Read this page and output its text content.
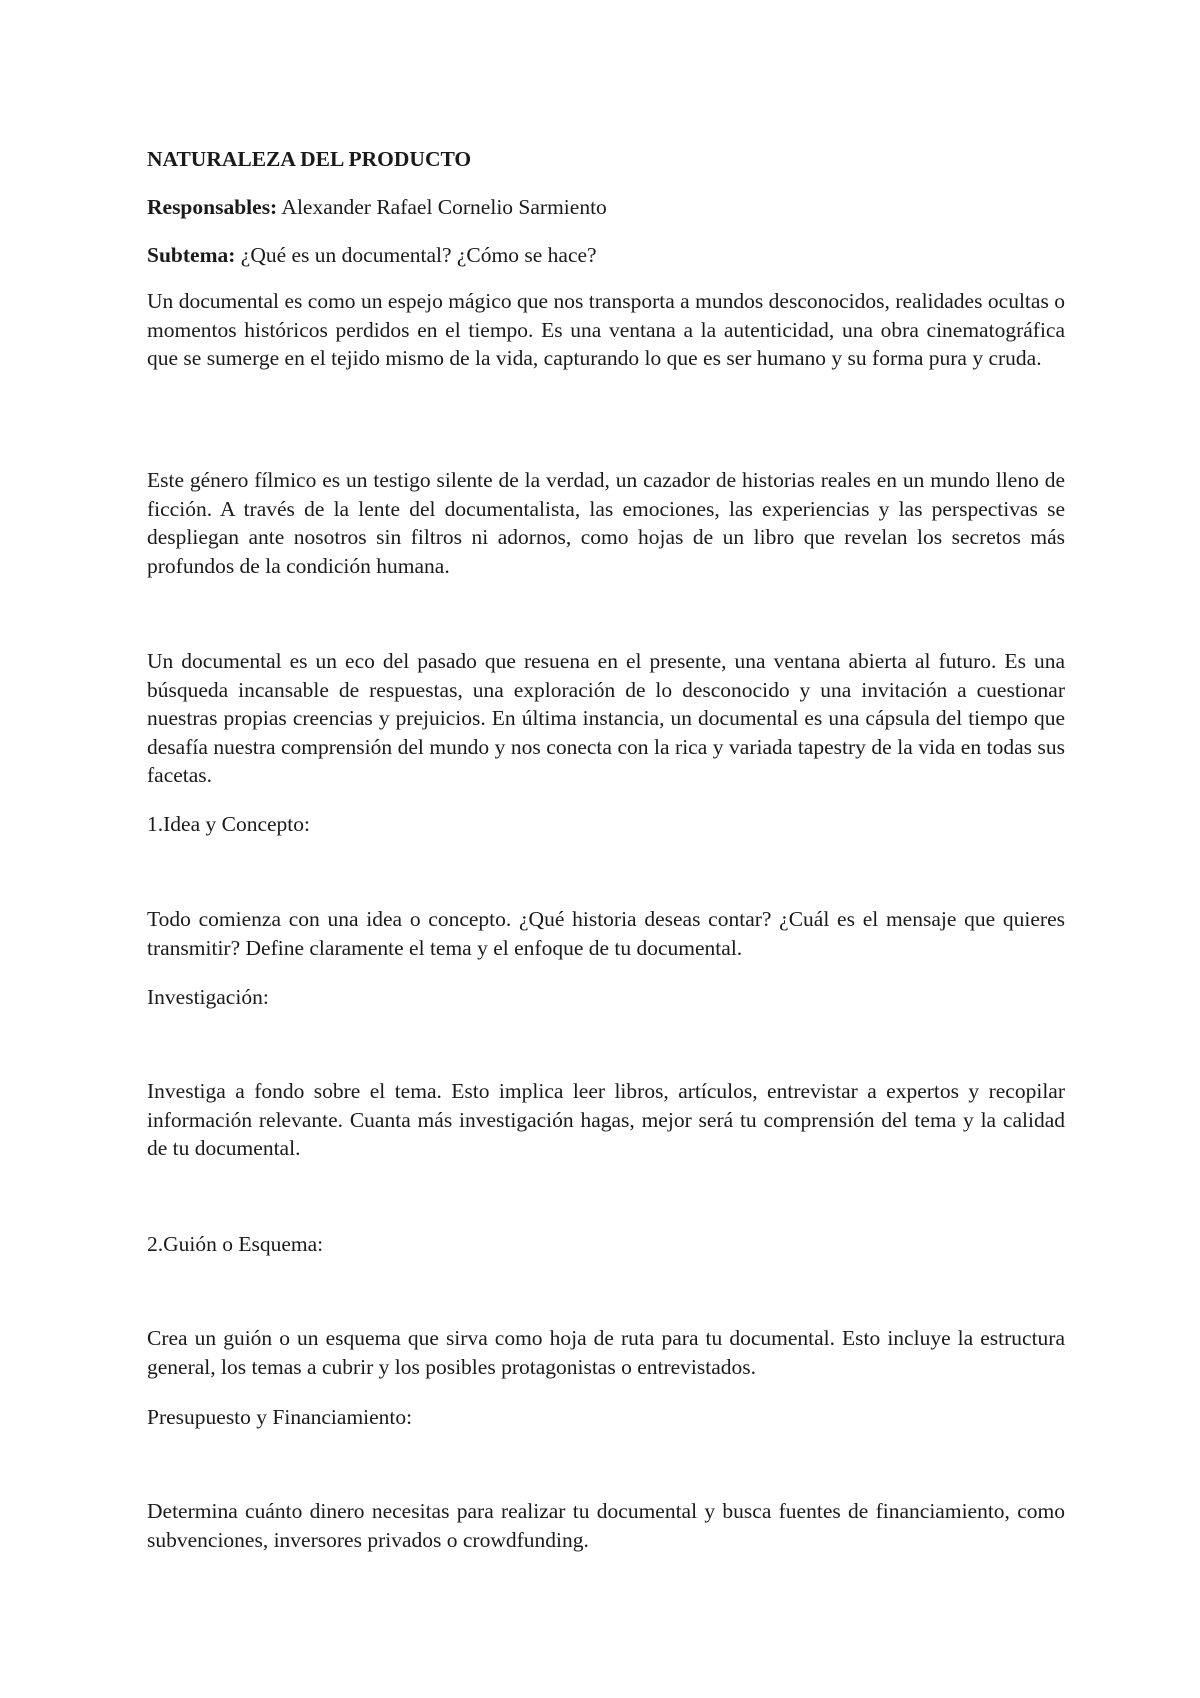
NATURALEZA DEL PRODUCTO

Responsables: Alexander Rafael Cornelio Sarmiento

Subtema: ¿Qué es un documental? ¿Cómo se hace?

Un documental es como un espejo mágico que nos transporta a mundos desconocidos, realidades ocultas o momentos históricos perdidos en el tiempo. Es una ventana a la autenticidad, una obra cinematográfica que se sumerge en el tejido mismo de la vida, capturando lo que es ser humano y su forma pura y cruda.

Este género fílmico es un testigo silente de la verdad, un cazador de historias reales en un mundo lleno de ficción. A través de la lente del documentalista, las emociones, las experiencias y las perspectivas se despliegan ante nosotros sin filtros ni adornos, como hojas de un libro que revelan los secretos más profundos de la condición humana.

Un documental es un eco del pasado que resuena en el presente, una ventana abierta al futuro. Es una búsqueda incansable de respuestas, una exploración de lo desconocido y una invitación a cuestionar nuestras propias creencias y prejuicios. En última instancia, un documental es una cápsula del tiempo que desafía nuestra comprensión del mundo y nos conecta con la rica y variada tapestry de la vida en todas sus facetas.

1.Idea y Concepto:

Todo comienza con una idea o concepto. ¿Qué historia deseas contar? ¿Cuál es el mensaje que quieres transmitir? Define claramente el tema y el enfoque de tu documental.

Investigación:

Investiga a fondo sobre el tema. Esto implica leer libros, artículos, entrevistar a expertos y recopilar información relevante. Cuanta más investigación hagas, mejor será tu comprensión del tema y la calidad de tu documental.

2.Guión o Esquema:

Crea un guión o un esquema que sirva como hoja de ruta para tu documental. Esto incluye la estructura general, los temas a cubrir y los posibles protagonistas o entrevistados.

Presupuesto y Financiamiento:

Determina cuánto dinero necesitas para realizar tu documental y busca fuentes de financiamiento, como subvenciones, inversores privados o crowdfunding.
